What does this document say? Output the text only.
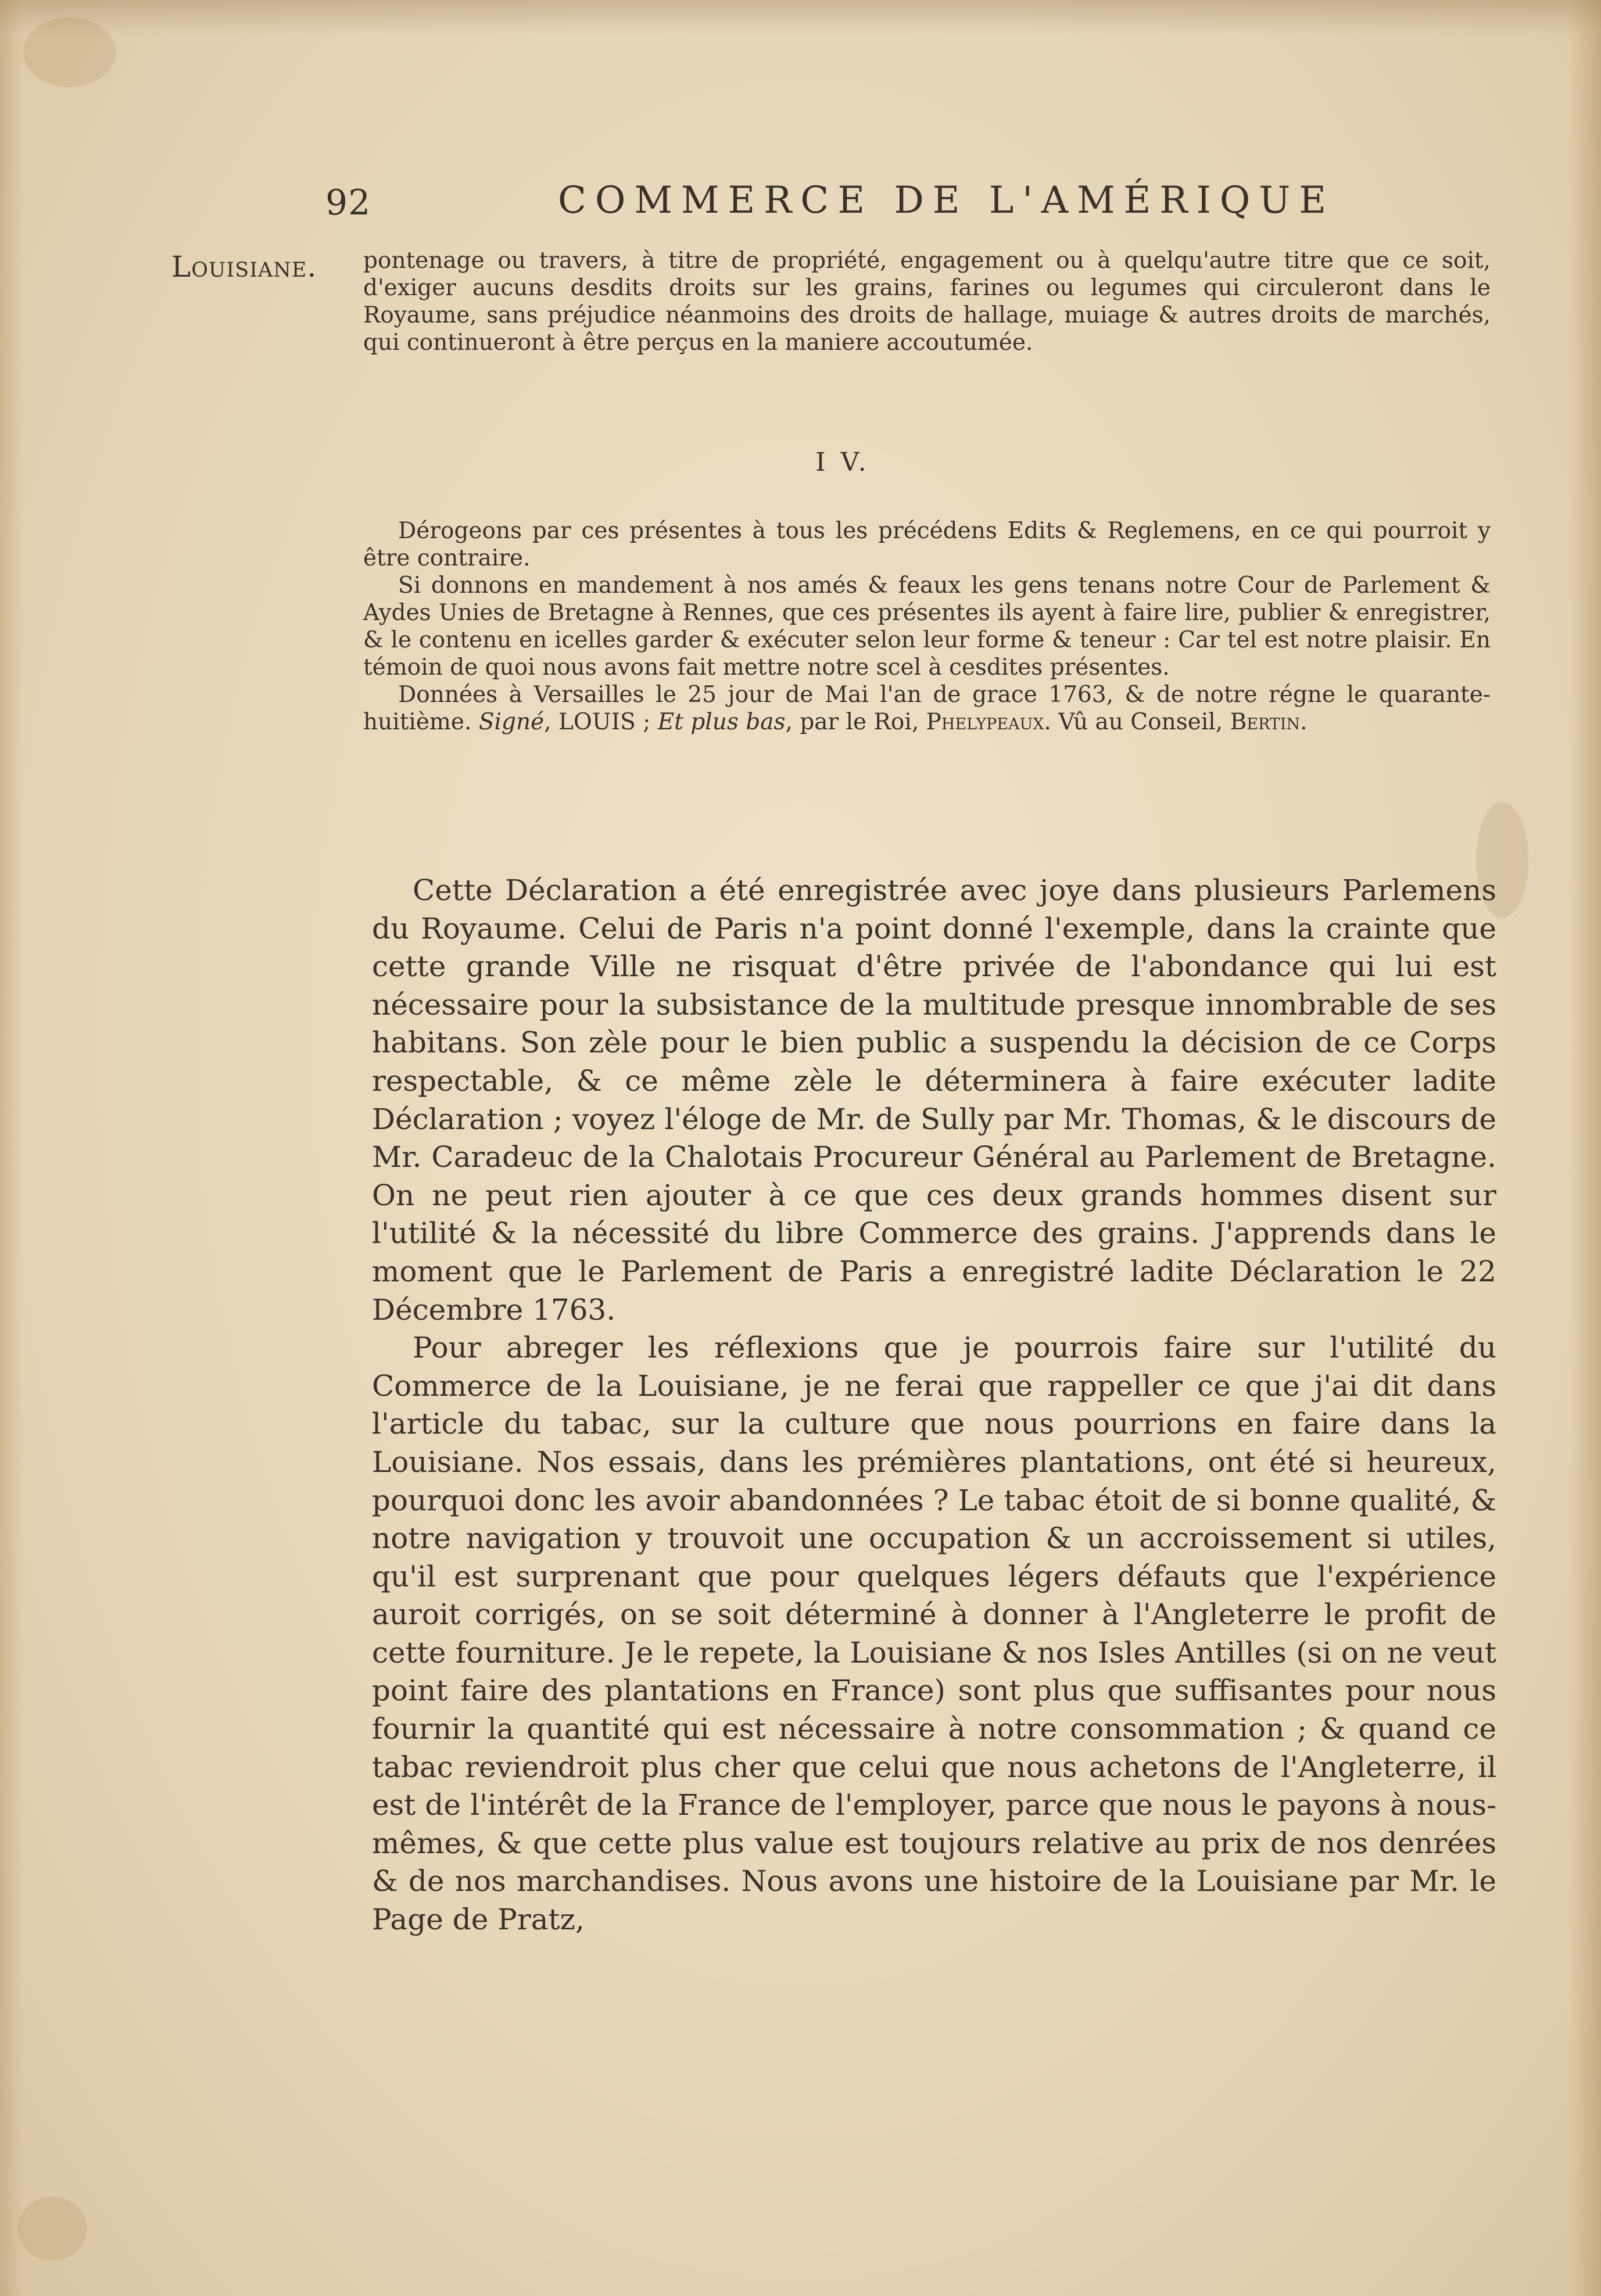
92	COMMERCE DE L'AMÉRIQUE
Louisiane. pontenage ou travers, à titre de propriété, engagement ou à quelqu'autre titre que ce soit, d'exiger aucuns desdits droits sur les grains, farines ou legumes qui circuleront dans le Royaume, sans préjudice néanmoins des droits de hallage, muiage & autres droits de marchés, qui continueront à être perçus en la maniere accoutumée.

I V.

Dérogeons par ces présentes à tous les précédens Edits & Reglemens, en ce qui pourroit y être contraire.

Si donnons en mandement à nos amés & feaux les gens tenans notre Cour de Parlement & Aydes Unies de Bretagne à Rennes, que ces présentes ils ayent à faire lire, publier & enregistrer, & le contenu en icelles garder & exécuter selon leur forme & teneur : Car tel est notre plaisir. En témoin de quoi nous avons fait mettre notre scel à cesdites présentes.

Données à Versailles le 25 jour de Mai l'an de grace 1763, & de notre régne le quarante-huitième. Signé, LOUIS ; Et plus bas, par le Roi, Phelypeaux. Vû au Conseil, Bertin.

Cette Déclaration a été enregistrée avec joye dans plusieurs Parlemens du Royaume. Celui de Paris n'a point donné l'exemple, dans la crainte que cette grande Ville ne risquat d'être privée de l'abondance qui lui est nécessaire pour la subsistance de la multitude presque innombrable de ses habitans. Son zèle pour le bien public a suspendu la décision de ce Corps respectable, & ce même zèle le déterminera à faire exécuter ladite Déclaration ; voyez l'éloge de Mr. de Sully par Mr. Thomas, & le discours de Mr. Caradeuc de la Chalotais Procureur Général au Parlement de Bretagne. On ne peut rien ajouter à ce que ces deux grands hommes disent sur l'utilité & la nécessité du libre Commerce des grains. J'apprends dans le moment que le Parlement de Paris a enregistré ladite Déclaration le 22 Décembre 1763.

Pour abreger les réflexions que je pourrois faire sur l'utilité du Commerce de la Louisiane, je ne ferai que rappeller ce que j'ai dit dans l'article du tabac, sur la culture que nous pourrions en faire dans la Louisiane. Nos essais, dans les prémières plantations, ont été si heureux, pourquoi donc les avoir abandonnées ? Le tabac étoit de si bonne qualité, & notre navigation y trouvoit une occupation & un accroissement si utiles, qu'il est surprenant que pour quelques légers défauts que l'expérience auroit corrigés, on se soit déterminé à donner à l'Angleterre le profit de cette fourniture. Je le repete, la Louisiane & nos Isles Antilles (si on ne veut point faire des plantations en France) sont plus que suffisantes pour nous fournir la quantité qui est nécessaire à notre consommation ; & quand ce tabac reviendroit plus cher que celui que nous achetons de l'Angleterre, il est de l'intérêt de la France de l'employer, parce que nous le payons à nous-mêmes, & que cette plus value est toujours relative au prix de nos denrées & de nos marchandises. Nous avons une histoire de la Louisiane par Mr. le Page de Pratz,
